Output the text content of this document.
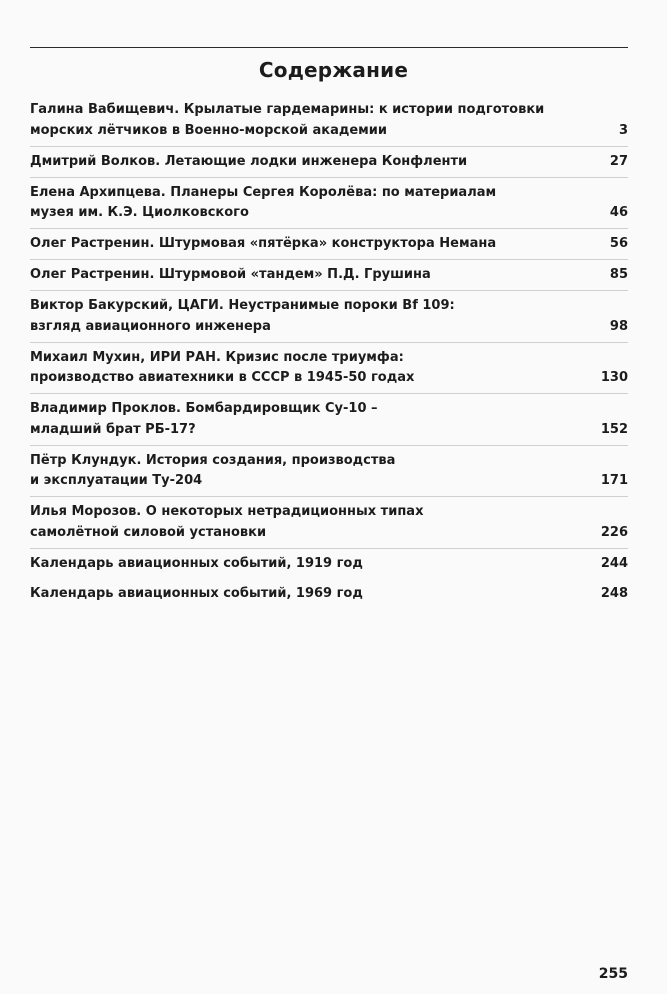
Содержание
Галина Вабищевич. Крылатые гардемарины: к истории подготовки
морских лётчиков в Военно-морской академии	3
Дмитрий Волков. Летающие лодки инженера Конфленти	27
Елена Архипцева. Планеры Сергея Королёва: по материалам
музея им. К.Э. Циолковского	46
Олег Растренин. Штурмовая «пятёрка» конструктора Немана	56
Олег Растренин. Штурмовой «тандем» П.Д. Грушина	85
Виктор Бакурский, ЦАГИ. Неустранимые пороки Bf 109:
взгляд авиационного инженера	98
Михаил Мухин, ИРИ РАН. Кризис после триумфа:
производство авиатехники в СССР в 1945-50 годах	130
Владимир Проклов. Бомбардировщик Су-10 –
младший брат РБ-17?	152
Пётр Клундук. История создания, производства
и эксплуатации Ту-204	171
Илья Морозов. О некоторых нетрадиционных типах
самолётной силовой установки	226
Календарь авиационных событий, 1919 год	244
Календарь авиационных событий, 1969 год	248
255
